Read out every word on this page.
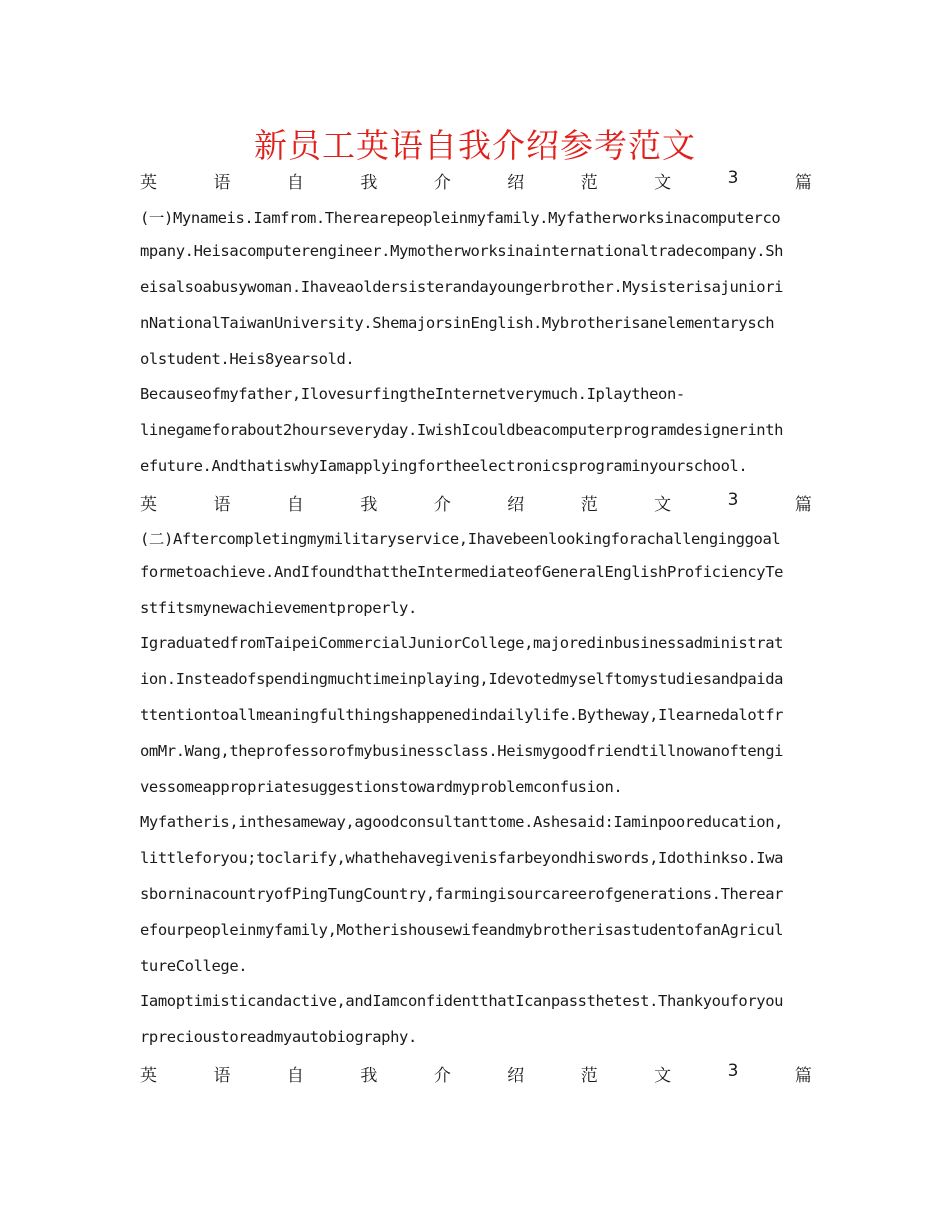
新员工英语自我介绍参考范文
英	语	自	我	介	绍	范	文	3	篇
(一)Mynameis.Iamfrom.Therearepeopleinmyfamily.Myfatherworksinacomputerco
mpany.Heisacomputerengineer.Mymotherworksinainternationaltradecompany.Sh
eisalsoabusywoman.Ihaveaoldersisterandayoungerbrother.Mysisterisajuniori
nNationalTaiwanUniversity.ShemajorsinEnglish.Mybrotherisanelementarysch
olstudent.Heis8yearsold.
Becauseofmyfather,IlovesurfingtheInternetverymuch.Iplaytheon-
linegameforabout2hourseveryday.IwishIcouldbeacomputerprogramdesignerinth
efuture.AndthatiswhyIamapplyingfortheelectronicsprograminyourschool.
英	语	自	我	介	绍	范	文	3	篇
(二)Aftercompletingmymilitaryservice,Ihavebeenlookingforachallenginggoal
formetoachieve.AndIfoundthattheIntermediateofGeneralEnglishProficiencyTe
stfitsmynewachievementproperly.
IgraduatedfromTaipeiCommercialJuniorCollege,majoredinbusinessadministrat
ion.Insteadofspendingmuchtimeinplaying,Idevotedmyselftomystudiesandpaida
ttentiontoallmeaningfulthingshappenedindailylife.Bytheway,Ilearnedalotfr
omMr.Wang,theprofessorofmybusinessclass.Heismygoodfriendtillnowanoftengi
vessomeappropriatesuggestionstowardmyproblemconfusion.
Myfatheris,inthesameway,agoodconsultanttome.Ashesaid:Iaminpooreducation,
littleforyou;toclarify,whathehavegivenisfarbeyondhiswords,Idothinkso.Iwa
sborninacountryofPingTungCountry,farmingisourcareerofgenerations.Therear
efourpeopleinmyfamily,MotherishousewifeandmybrotherisastudentofanAgricul
tureCollege.
Iamoptimisticandactive,andIamconfidentthatIcanpassthetest.Thankyouforyou
rprecioustoreadmyautobiography.
英	语	自	我	介	绍	范	文	3	篇
